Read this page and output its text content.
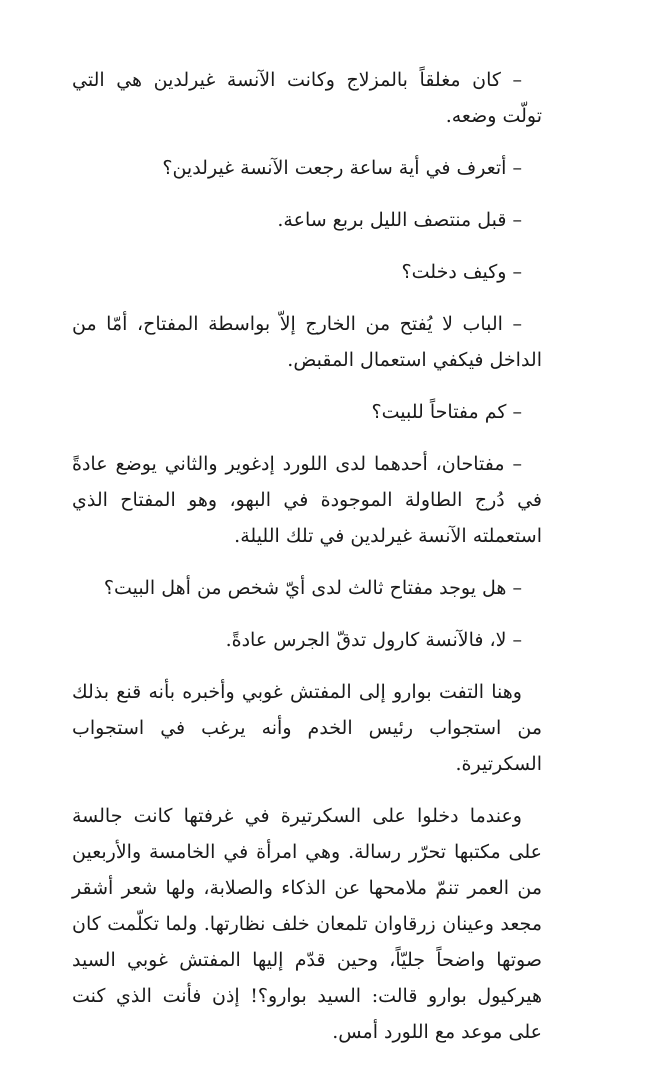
– كان مغلقاً بالمزلاج وكانت الآنسة غيرلدين هي التي تولّت وضعه.

– أتعرف في أية ساعة رجعت الآنسة غيرلدين؟

– قبل منتصف الليل بربع ساعة.

– وكيف دخلت؟

– الباب لا يُفتح من الخارج إلاّ بواسطة المفتاح، أمّا من الداخل فيكفي استعمال المقبض.

– كم مفتاحاً للبيت؟

– مفتاحان، أحدهما لدى اللورد إدغوير والثاني يوضع عادةً في دُرج الطاولة الموجودة في البهو، وهو المفتاح الذي استعملته الآنسة غيرلدين في تلك الليلة.

– هل يوجد مفتاح ثالث لدى أيّ شخص من أهل البيت؟

– لا، فالآنسة كارول تدقّ الجرس عادةً.

وهنا التفت بوارو إلى المفتش غوبي وأخبره بأنه قنع بذلك من استجواب رئيس الخدم وأنه يرغب في استجواب السكرتيرة.

وعندما دخلوا على السكرتيرة في غرفتها كانت جالسة على مكتبها تحرّر رسالة. وهي امرأة في الخامسة والأربعين من العمر تنمّ ملامحها عن الذكاء والصلابة، ولها شعر أشقر مجعد وعينان زرقاوان تلمعان خلف نظارتها. ولما تكلّمت كان صوتها واضحاً جليّاً، وحين قدّم إليها المفتش غوبي السيد هيركيول بوارو قالت: السيد بوارو؟! إذن فأنت الذي كنت على موعد مع اللورد أمس.
